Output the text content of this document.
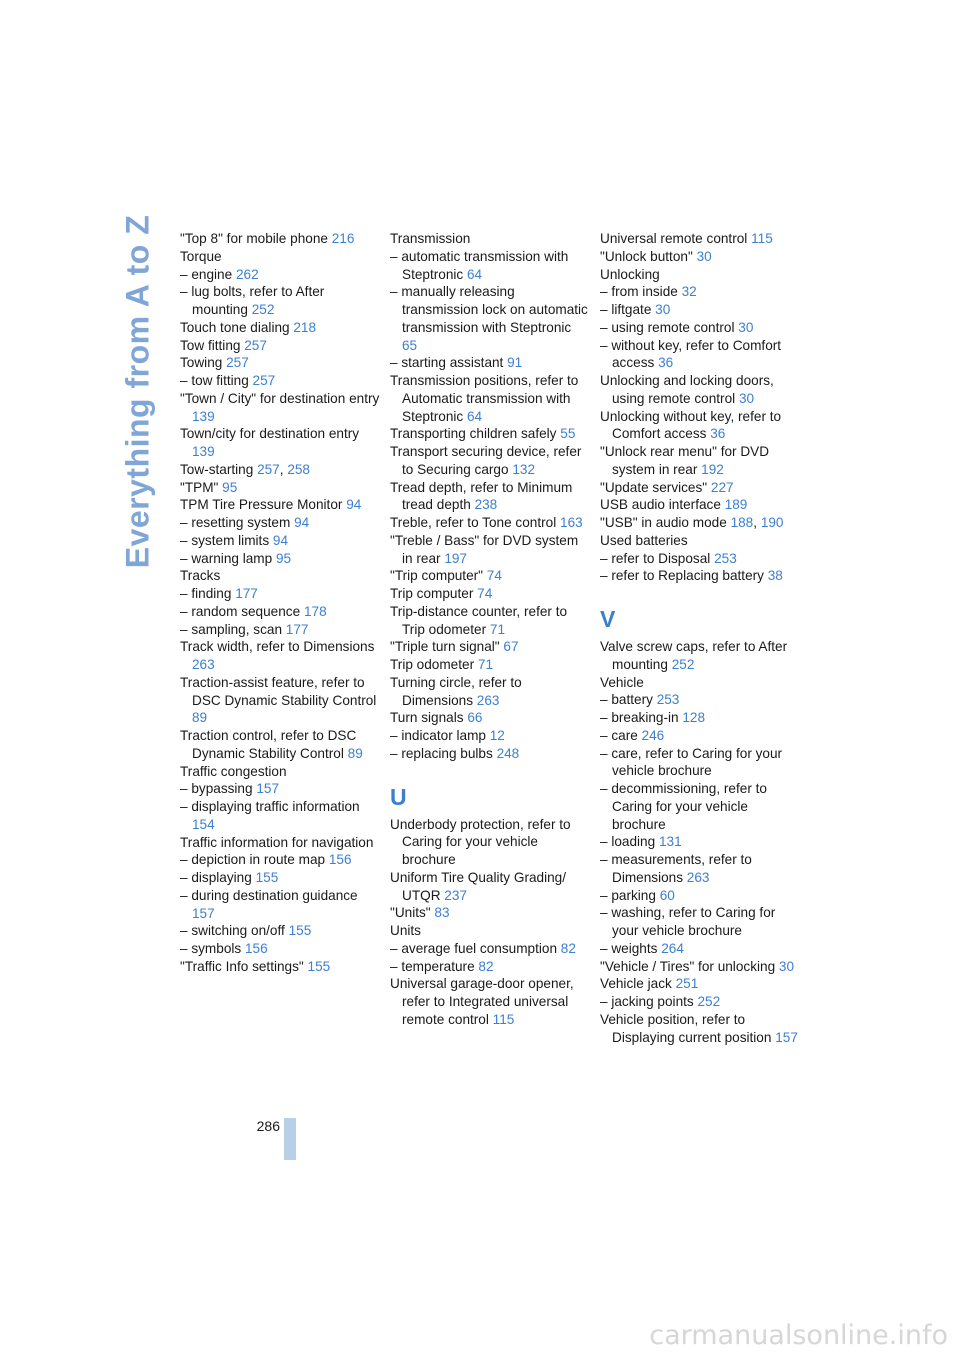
Everything from A to Z "Top 8" for mobile phone 216
Torque
– engine 262
– lug bolts, refer to After mounting 252
Touch tone dialing 218
Tow fitting 257
Towing 257
– tow fitting 257
"Town / City" for destination entry 139
Town/city for destination entry 139
Tow-starting 257, 258
"TPM" 95
TPM Tire Pressure Monitor 94
– resetting system 94
– system limits 94
– warning lamp 95
Tracks
– finding 177
– random sequence 178
– sampling, scan 177
Track width, refer to Dimensions 263
Traction-assist feature, refer to DSC Dynamic Stability Control 89
Traction control, refer to DSC Dynamic Stability Control 89
Traffic congestion
– bypassing 157
– displaying traffic information 154
Traffic information for navigation
– depiction in route map 156
– displaying 155
– during destination guidance 157
– switching on/off 155
– symbols 156
"Traffic Info settings" 155
Transmission
– automatic transmission with Steptronic 64
– manually releasing transmission lock on automatic transmission with Steptronic 65
– starting assistant 91
Transmission positions, refer to Automatic transmission with Steptronic 64
Transporting children safely 55
Transport securing device, refer to Securing cargo 132
Tread depth, refer to Minimum tread depth 238
Treble, refer to Tone control 163
"Treble / Bass" for DVD system in rear 197
"Trip computer" 74
Trip computer 74
Trip-distance counter, refer to Trip odometer 71
"Triple turn signal" 67
Trip odometer 71
Turning circle, refer to Dimensions 263
Turn signals 66
– indicator lamp 12
– replacing bulbs 248
U
Underbody protection, refer to Caring for your vehicle brochure
Uniform Tire Quality Grading/ UTQR 237
"Units" 83
Units
– average fuel consumption 82
– temperature 82
Universal garage-door opener, refer to Integrated universal remote control 115
Universal remote control 115
"Unlock button" 30
Unlocking
– from inside 32
– liftgate 30
– using remote control 30
– without key, refer to Comfort access 36
Unlocking and locking doors, using remote control 30
Unlocking without key, refer to Comfort access 36
"Unlock rear menu" for DVD system in rear 192
"Update services" 227
USB audio interface 189
"USB" in audio mode 188, 190
Used batteries
– refer to Disposal 253
– refer to Replacing battery 38
V
Valve screw caps, refer to After mounting 252
Vehicle
– battery 253
– breaking-in 128
– care 246
– care, refer to Caring for your vehicle brochure
– decommissioning, refer to Caring for your vehicle brochure
– loading 131
– measurements, refer to Dimensions 263
– parking 60
– washing, refer to Caring for your vehicle brochure
– weights 264
"Vehicle / Tires" for unlocking 30
Vehicle jack 251
– jacking points 252
Vehicle position, refer to Displaying current position 157
286
carmanualsonline.info
